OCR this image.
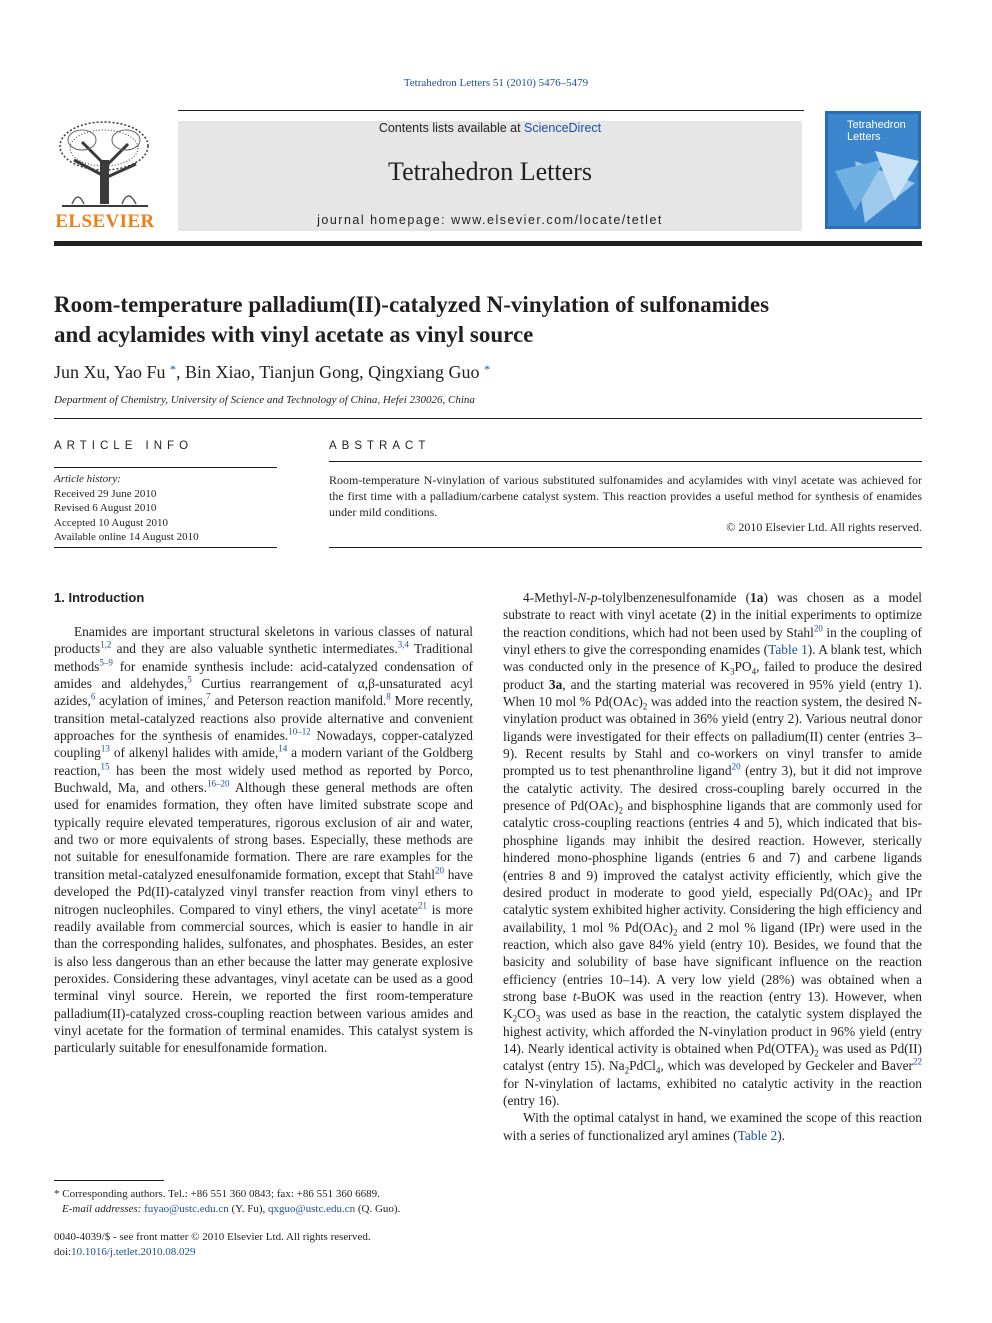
Tetrahedron Letters 51 (2010) 5476–5479
ELSEVIER
Contents lists available at ScienceDirect
Tetrahedron Letters
journal homepage: www.elsevier.com/locate/tetlet
Tetrahedron
Letters
Room-temperature palladium(II)-catalyzed N-vinylation of sulfonamides
and acylamides with vinyl acetate as vinyl source
Jun Xu, Yao Fu *, Bin Xiao, Tianjun Gong, Qingxiang Guo *
Department of Chemistry, University of Science and Technology of China, Hefei 230026, China
ARTICLE INFO	ABSTRACT
Article history:
Received 29 June 2010
Revised 6 August 2010
Accepted 10 August 2010
Available online 14 August 2010
Room-temperature N-vinylation of various substituted sulfonamides and acylamides with vinyl acetate was achieved for the first time with a palladium/carbene catalyst system. This reaction provides a useful method for synthesis of enamides under mild conditions.
© 2010 Elsevier Ltd. All rights reserved.
1. Introduction

Enamides are important structural skeletons in various classes of natural products$^{1,2}$ and they are also valuable synthetic intermediates.$^{3,4}$ Traditional methods$^{5-9}$ for enamide synthesis include: acid-catalyzed condensation of amides and aldehydes,$^5$ Curtius rearrangement of α,β-unsaturated acyl azides,$^6$ acylation of imines,$^7$ and Peterson reaction manifold.$^8$ More recently, transition metal-catalyzed reactions also provide alternative and convenient approaches for the synthesis of enamides.$^{10-12}$ Nowadays, copper-catalyzed coupling$^{13}$ of alkenyl halides with amide,$^{14}$ a modern variant of the Goldberg reaction,$^{15}$ has been the most widely used method as reported by Porco, Buchwald, Ma, and others.$^{16-20}$ Although these general methods are often used for enamides formation, they often have limited substrate scope and typically require elevated temperatures, rigorous exclusion of air and water, and two or more equivalents of strong bases. Especially, these methods are not suitable for enesulfonamide formation. There are rare examples for the transition metal-catalyzed enesulfonamide formation, except that Stahl$^{20}$ have developed the Pd(II)-catalyzed vinyl transfer reaction from vinyl ethers to nitrogen nucleophiles. Compared to vinyl ethers, the vinyl acetate$^{21}$ is more readily available from commercial sources, which is easier to handle in air than the corresponding halides, sulfonates, and phosphates. Besides, an ester is also less dangerous than an ether because the latter may generate explosive peroxides. Considering these advantages, vinyl acetate can be used as a good terminal vinyl source. Herein, we reported the first room-temperature palladium(II)-catalyzed cross-coupling reaction between various amides and vinyl acetate for the formation of terminal enamides. This catalyst system is particularly suitable for enesulfonamide formation.

4-Methyl-N-p-tolylbenzenesulfonamide (1a) was chosen as a model substrate to react with vinyl acetate (2) in the initial experiments to optimize the reaction conditions, which had not been used by Stahl$^{20}$ in the coupling of vinyl ethers to give the corresponding enamides (Table 1). A blank test, which was conducted only in the presence of $K_3PO_4$, failed to produce the desired product 3a, and the starting material was recovered in 95% yield (entry 1). When 10 mol % $Pd(OAc)_2$ was added into the reaction system, the desired N-vinylation product was obtained in 36% yield (entry 2). Various neutral donor ligands were investigated for their effects on palladium(II) center (entries 3–9). Recent results by Stahl and co-workers on vinyl transfer to amide prompted us to test phenanthroline ligand$^{20}$ (entry 3), but it did not improve the catalytic activity. The desired cross-coupling barely occurred in the presence of $Pd(OAc)_2$ and bisphosphine ligands that are commonly used for catalytic cross-coupling reactions (entries 4 and 5), which indicated that bis-phosphine ligands may inhibit the desired reaction. However, sterically hindered mono-phosphine ligands (entries 6 and 7) and carbene ligands (entries 8 and 9) improved the catalyst activity efficiently, which give the desired product in moderate to good yield, especially $Pd(OAc)_2$ and IPr catalytic system exhibited higher activity. Considering the high efficiency and availability, 1 mol % $Pd(OAc)_2$ and 2 mol % ligand (IPr) were used in the reaction, which also gave 84% yield (entry 10). Besides, we found that the basicity and solubility of base have significant influence on the reaction efficiency (entries 10–14). A very low yield (28%) was obtained when a strong base t-BuOK was used in the reaction (entry 13). However, when $K_2CO_3$ was used as base in the reaction, the catalytic system displayed the highest activity, which afforded the N-vinylation product in 96% yield (entry 14). Nearly identical activity is obtained when $Pd(OTFA)_2$ was used as Pd(II) catalyst (entry 15). $Na_2PdCl_4$, which was developed by Geckeler and Baver$^{22}$ for N-vinylation of lactams, exhibited no catalytic activity in the reaction (entry 16).

With the optimal catalyst in hand, we examined the scope of this reaction with a series of functionalized aryl amines (Table 2).

* Corresponding authors. Tel.: +86 551 360 0843; fax: +86 551 360 6689.
E-mail addresses: fuyao@ustc.edu.cn (Y. Fu), qxguo@ustc.edu.cn (Q. Guo).
0040-4039/$ - see front matter © 2010 Elsevier Ltd. All rights reserved.
doi:10.1016/j.tetlet.2010.08.029
